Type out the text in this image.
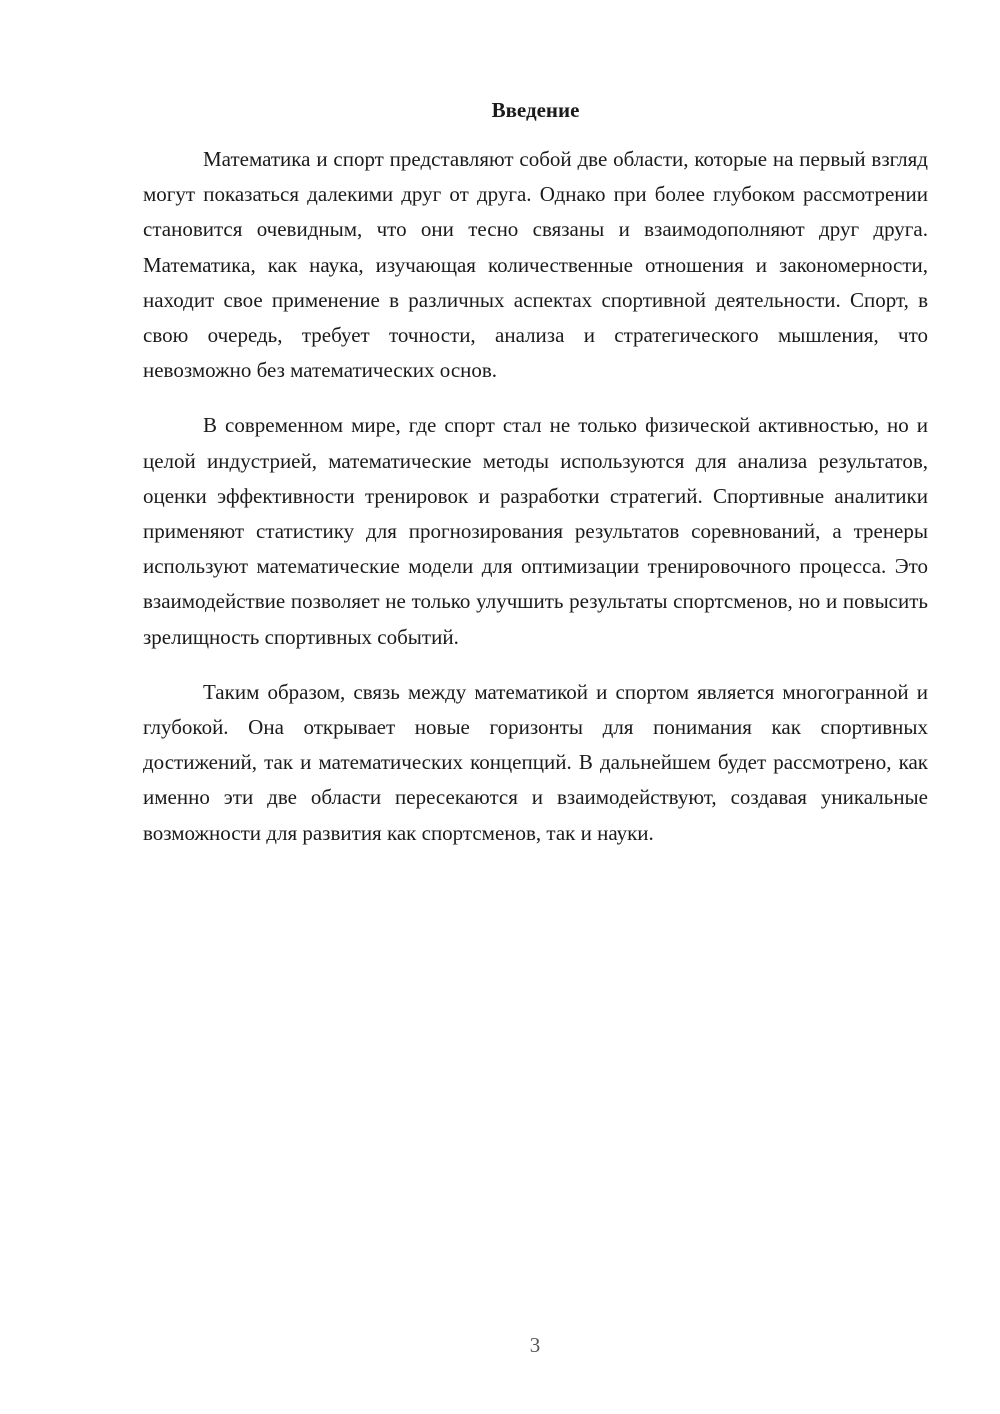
Введение

Математика и спорт представляют собой две области, которые на первый взгляд могут показаться далекими друг от друга. Однако при более глубоком рассмотрении становится очевидным, что они тесно связаны и взаимодополняют друг друга. Математика, как наука, изучающая количественные отношения и закономерности, находит свое применение в различных аспектах спортивной деятельности. Спорт, в свою очередь, требует точности, анализа и стратегического мышления, что невозможно без математических основ.

В современном мире, где спорт стал не только физической активностью, но и целой индустрией, математические методы используются для анализа результатов, оценки эффективности тренировок и разработки стратегий. Спортивные аналитики применяют статистику для прогнозирования результатов соревнований, а тренеры используют математические модели для оптимизации тренировочного процесса. Это взаимодействие позволяет не только улучшить результаты спортсменов, но и повысить зрелищность спортивных событий.

Таким образом, связь между математикой и спортом является многогранной и глубокой. Она открывает новые горизонты для понимания как спортивных достижений, так и математических концепций. В дальнейшем будет рассмотрено, как именно эти две области пересекаются и взаимодействуют, создавая уникальные возможности для развития как спортсменов, так и науки.

3
